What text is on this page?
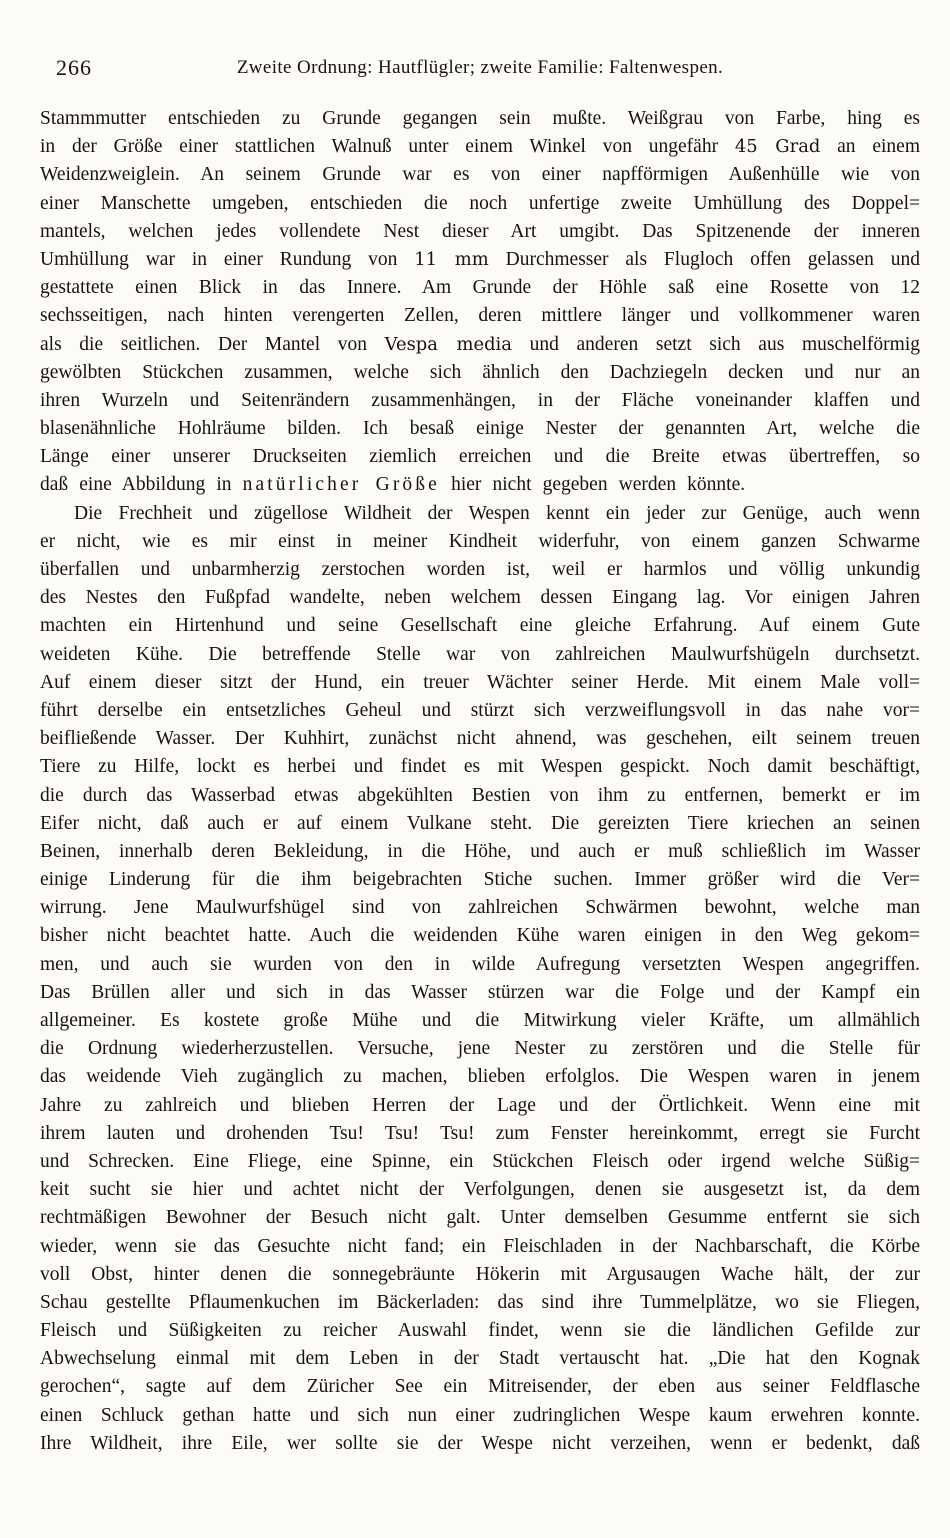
266	Zweite Ordnung: Hautflügler; zweite Familie: Faltenwespen.
Stammmutter entschieden zu Grunde gegangen sein mußte. Weißgrau von Farbe, hing es
in der Größe einer stattlichen Walnuß unter einem Winkel von ungefähr 45 Grad an einem
Weidenzweiglein. An seinem Grunde war es von einer napfförmigen Außenhülle wie von
einer Manschette umgeben, entschieden die noch unfertige zweite Umhüllung des Doppel=
mantels, welchen jedes vollendete Nest dieser Art umgibt. Das Spitzenende der inneren
Umhüllung war in einer Rundung von 11 mm Durchmesser als Flugloch offen gelassen und
gestattete einen Blick in das Innere. Am Grunde der Höhle saß eine Rosette von 12
sechsseitigen, nach hinten verengerten Zellen, deren mittlere länger und vollkommener waren
als die seitlichen. Der Mantel von Vespa media und anderen setzt sich aus muschelförmig
gewölbten Stückchen zusammen, welche sich ähnlich den Dachziegeln decken und nur an
ihren Wurzeln und Seitenrändern zusammenhängen, in der Fläche voneinander klaffen und
blasenähnliche Hohlräume bilden. Ich besaß einige Nester der genannten Art, welche die
Länge einer unserer Druckseiten ziemlich erreichen und die Breite etwas übertreffen, so
daß eine Abbildung in natürlicher Größe hier nicht gegeben werden könnte.
Die Frechheit und zügellose Wildheit der Wespen kennt ein jeder zur Genüge, auch wenn
er nicht, wie es mir einst in meiner Kindheit widerfuhr, von einem ganzen Schwarme
überfallen und unbarmherzig zerstochen worden ist, weil er harmlos und völlig unkundig
des Nestes den Fußpfad wandelte, neben welchem dessen Eingang lag. Vor einigen Jahren
machten ein Hirtenhund und seine Gesellschaft eine gleiche Erfahrung. Auf einem Gute
weideten Kühe. Die betreffende Stelle war von zahlreichen Maulwurfshügeln durchsetzt.
Auf einem dieser sitzt der Hund, ein treuer Wächter seiner Herde. Mit einem Male voll=
führt derselbe ein entsetzliches Geheul und stürzt sich verzweiflungsvoll in das nahe vor=
beifließende Wasser. Der Kuhhirt, zunächst nicht ahnend, was geschehen, eilt seinem treuen
Tiere zu Hilfe, lockt es herbei und findet es mit Wespen gespickt. Noch damit beschäftigt,
die durch das Wasserbad etwas abgekühlten Bestien von ihm zu entfernen, bemerkt er im
Eifer nicht, daß auch er auf einem Vulkane steht. Die gereizten Tiere kriechen an seinen
Beinen, innerhalb deren Bekleidung, in die Höhe, und auch er muß schließlich im Wasser
einige Linderung für die ihm beigebrachten Stiche suchen. Immer größer wird die Ver=
wirrung. Jene Maulwurfshügel sind von zahlreichen Schwärmen bewohnt, welche man
bisher nicht beachtet hatte. Auch die weidenden Kühe waren einigen in den Weg gekom=
men, und auch sie wurden von den in wilde Aufregung versetzten Wespen angegriffen.
Das Brüllen aller und sich in das Wasser stürzen war die Folge und der Kampf ein
allgemeiner. Es kostete große Mühe und die Mitwirkung vieler Kräfte, um allmählich
die Ordnung wiederherzustellen. Versuche, jene Nester zu zerstören und die Stelle für
das weidende Vieh zugänglich zu machen, blieben erfolglos. Die Wespen waren in jenem
Jahre zu zahlreich und blieben Herren der Lage und der Örtlichkeit. Wenn eine mit
ihrem lauten und drohenden Tsu! Tsu! Tsu! zum Fenster hereinkommt, erregt sie Furcht
und Schrecken. Eine Fliege, eine Spinne, ein Stückchen Fleisch oder irgend welche Süßig=
keit sucht sie hier und achtet nicht der Verfolgungen, denen sie ausgesetzt ist, da dem
rechtmäßigen Bewohner der Besuch nicht galt. Unter demselben Gesumme entfernt sie sich
wieder, wenn sie das Gesuchte nicht fand; ein Fleischladen in der Nachbarschaft, die Körbe
voll Obst, hinter denen die sonnegebräunte Hökerin mit Argusaugen Wache hält, der zur
Schau gestellte Pflaumenkuchen im Bäckerladen: das sind ihre Tummelplätze, wo sie Fliegen,
Fleisch und Süßigkeiten zu reicher Auswahl findet, wenn sie die ländlichen Gefilde zur
Abwechselung einmal mit dem Leben in der Stadt vertauscht hat. „Die hat den Kognak
gerochen“, sagte auf dem Züricher See ein Mitreisender, der eben aus seiner Feldflasche
einen Schluck gethan hatte und sich nun einer zudringlichen Wespe kaum erwehren konnte.
Ihre Wildheit, ihre Eile, wer sollte sie der Wespe nicht verzeihen, wenn er bedenkt, daß
